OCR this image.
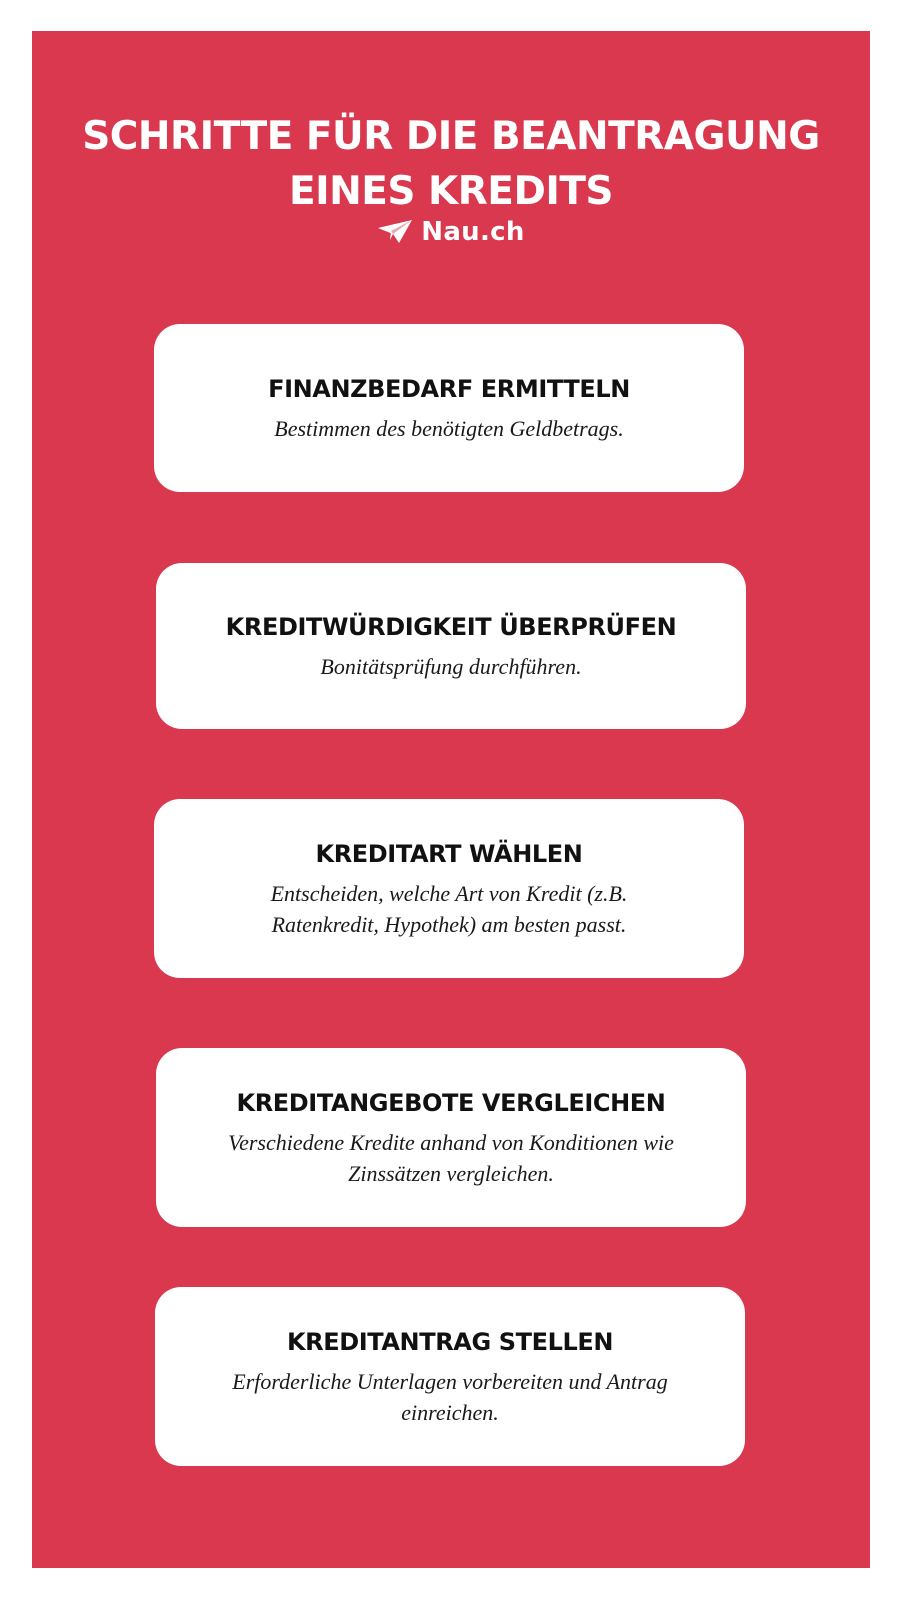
SCHRITTE FÜR DIE BEANTRAGUNG
EINES KREDITS
Nau.ch
FINANZBEDARF ERMITTELN

Bestimmen des benötigten Geldbetrags.

KREDITWÜRDIGKEIT ÜBERPRÜFEN

Bonitätsprüfung durchführen.

KREDITART WÄHLEN

Entscheiden, welche Art von Kredit (z.B.
Ratenkredit, Hypothek) am besten passt.

KREDITANGEBOTE VERGLEICHEN

Verschiedene Kredite anhand von Konditionen wie
Zinssätzen vergleichen.

KREDITANTRAG STELLEN

Erforderliche Unterlagen vorbereiten und Antrag
einreichen.
